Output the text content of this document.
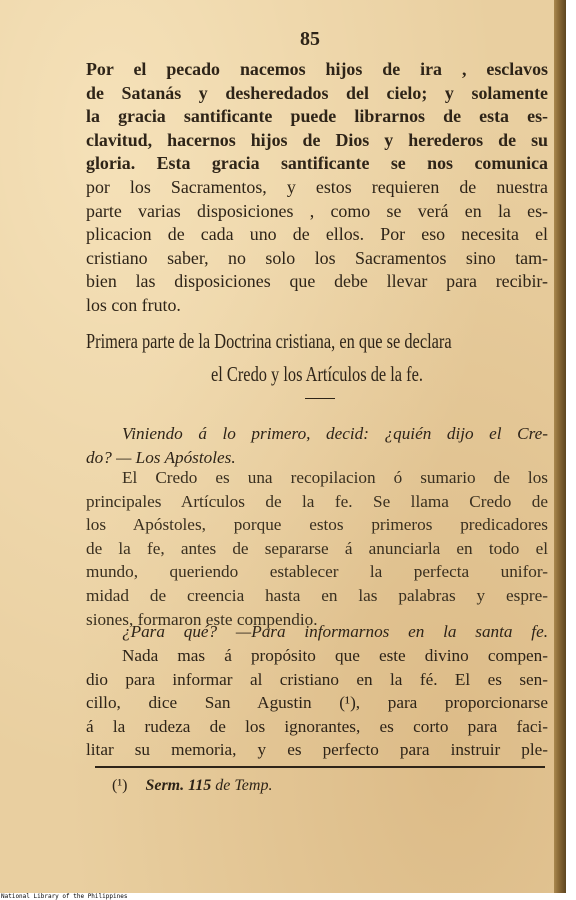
85
Por el pecado nacemos hijos de ira , esclavos
de Satanás y desheredados del cielo; y solamente
la gracia santificante puede librarnos de esta es-
clavitud, hacernos hijos de Dios y herederos de su
gloria. Esta gracia santificante se nos comunica
por los Sacramentos, y estos requieren de nuestra
parte varias disposiciones , como se verá en la es-
plicacion de cada uno de ellos. Por eso necesita el
cristiano saber, no solo los Sacramentos sino tam-
bien las disposiciones que debe llevar para recibir-
los con fruto.
Primera parte de la Doctrina cristiana, en que se declara
el Credo y los Artículos de la fe.
Viniendo á lo primero, decid: ¿quién dijo el Cre-
do? — Los Apóstoles.
El Credo es una recopilacion ó sumario de los
principales Artículos de la fe. Se llama Credo de
los Apóstoles, porque estos primeros predicadores
de la fe, antes de separarse á anunciarla en todo el
mundo, queriendo establecer la perfecta unifor-
midad de creencia hasta en las palabras y espre-
siones, formaron este compendio.
¿Para qué? —Para informarnos en la santa fe.
Nada mas á propósito que este divino compen-
dio para informar al cristiano en la fé. El es sen-
cillo, dice San Agustin (¹), para proporcionarse
á la rudeza de los ignorantes, es corto para faci-
litar su memoria, y es perfecto para instruir ple-
(¹) Serm. 115 de Temp.
National Library of the Philippines
